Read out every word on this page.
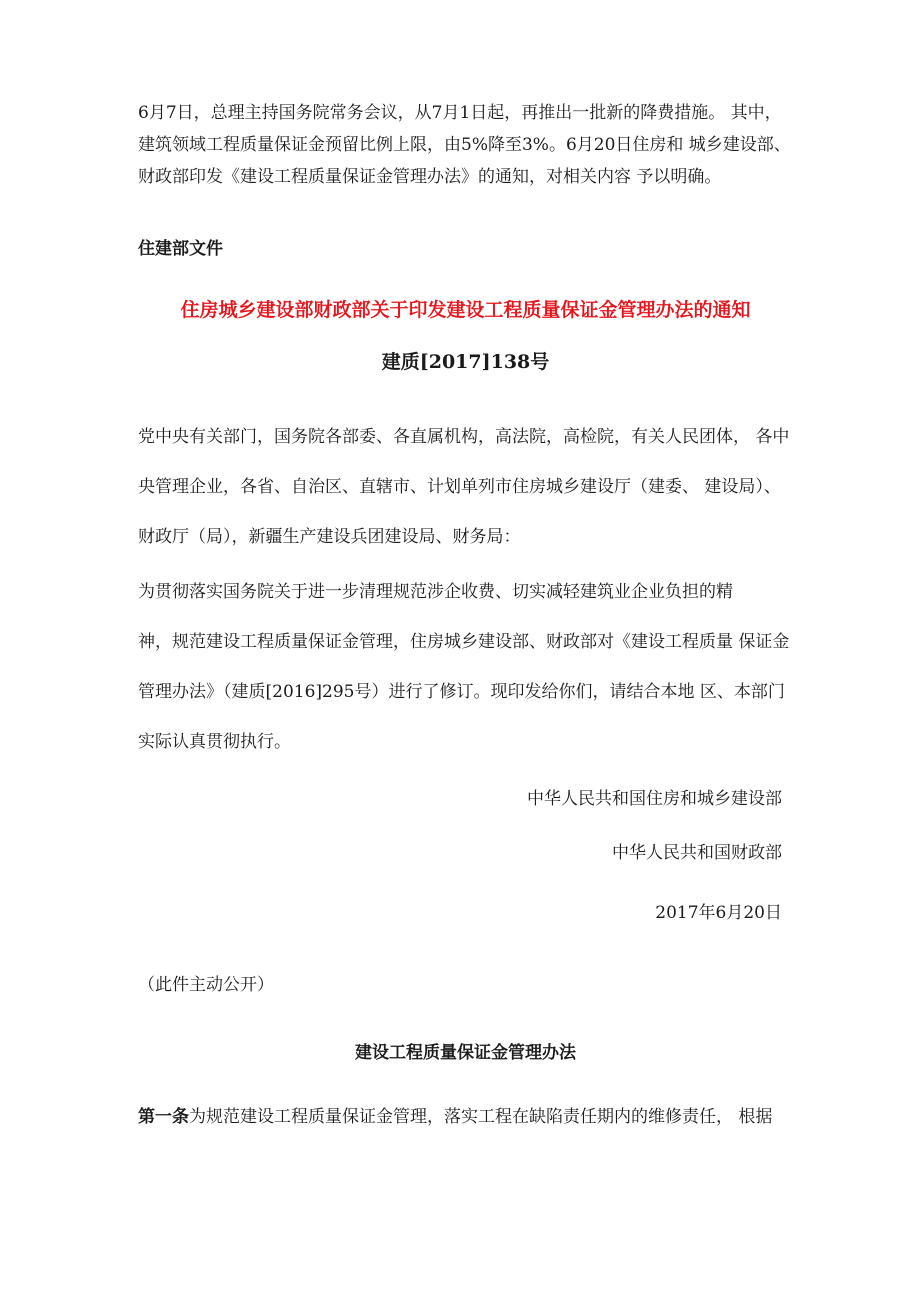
6月7日，总理主持国务院常务会议，从7月1日起，再推出一批新的降费措施。 其中，建筑领域工程质量保证金预留比例上限，由5%降至3%。6月20日住房和 城乡建设部、财政部印发《建设工程质量保证金管理办法》的通知，对相关内容 予以明确。

住建部文件
住房城乡建设部财政部关于印发建设工程质量保证金管理办法的通知
建质[2017]138号
党中央有关部门，国务院各部委、各直属机构，高法院，高检院，有关人民团体， 各中央管理企业，各省、自治区、直辖市、计划单列市住房城乡建设厅（建委、 建设局）、财政厅（局），新疆生产建设兵团建设局、财务局：

为贯彻落实国务院关于进一步清理规范涉企收费、切实减轻建筑业企业负担的精

神，规范建设工程质量保证金管理，住房城乡建设部、财政部对《建设工程质量 保证金管理办法》（建质[2016]295号）进行了修订。现印发给你们，请结合本地 区、本部门实际认真贯彻执行。

中华人民共和国住房和城乡建设部
中华人民共和国财政部
2017年6月20日
（此件主动公开）
建设工程质量保证金管理办法
第一条为规范建设工程质量保证金管理，落实工程在缺陷责任期内的维修责任， 根据
